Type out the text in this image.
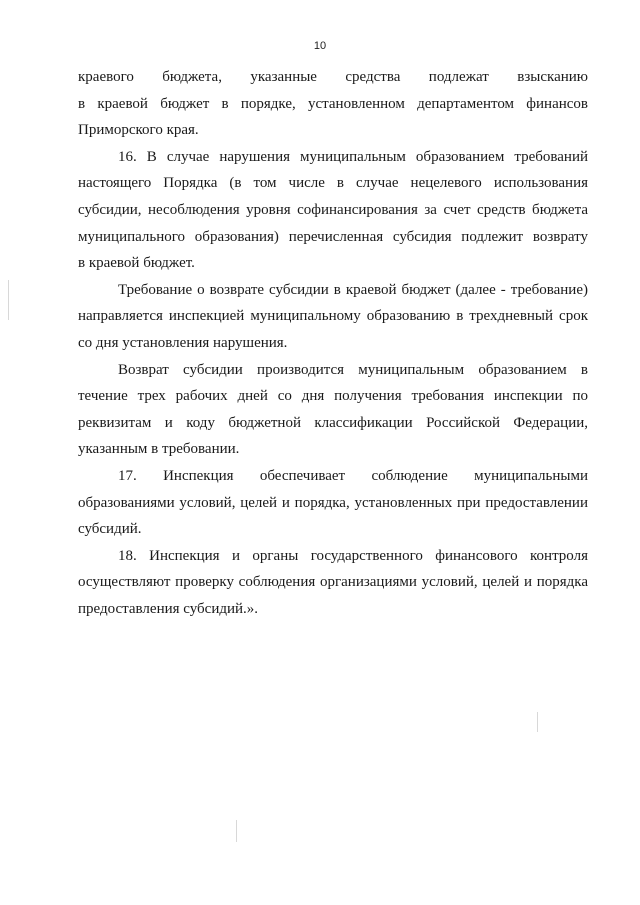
10
краевого бюджета, указанные средства подлежат взысканию
в краевой бюджет в порядке, установленном департаментом финансов
Приморского края.
16. В случае нарушения муниципальным образованием требований
настоящего Порядка (в том числе в случае нецелевого использования
субсидии, несоблюдения уровня софинансирования за счет средств бюджета
муниципального образования) перечисленная субсидия подлежит возврату
в краевой бюджет.
Требование о возврате субсидии в краевой бюджет (далее - требование)
направляется инспекцией муниципальному образованию в трехдневный срок
со дня установления нарушения.
Возврат субсидии производится муниципальным образованием в
течение трех рабочих дней со дня получения требования инспекции по
реквизитам и коду бюджетной классификации Российской Федерации,
указанным в требовании.
17. Инспекция обеспечивает соблюдение муниципальными
образованиями условий, целей и порядка, установленных при предоставлении
субсидий.
18. Инспекция и органы государственного финансового контроля
осуществляют проверку соблюдения организациями условий, целей и порядка
предоставления субсидий.».
